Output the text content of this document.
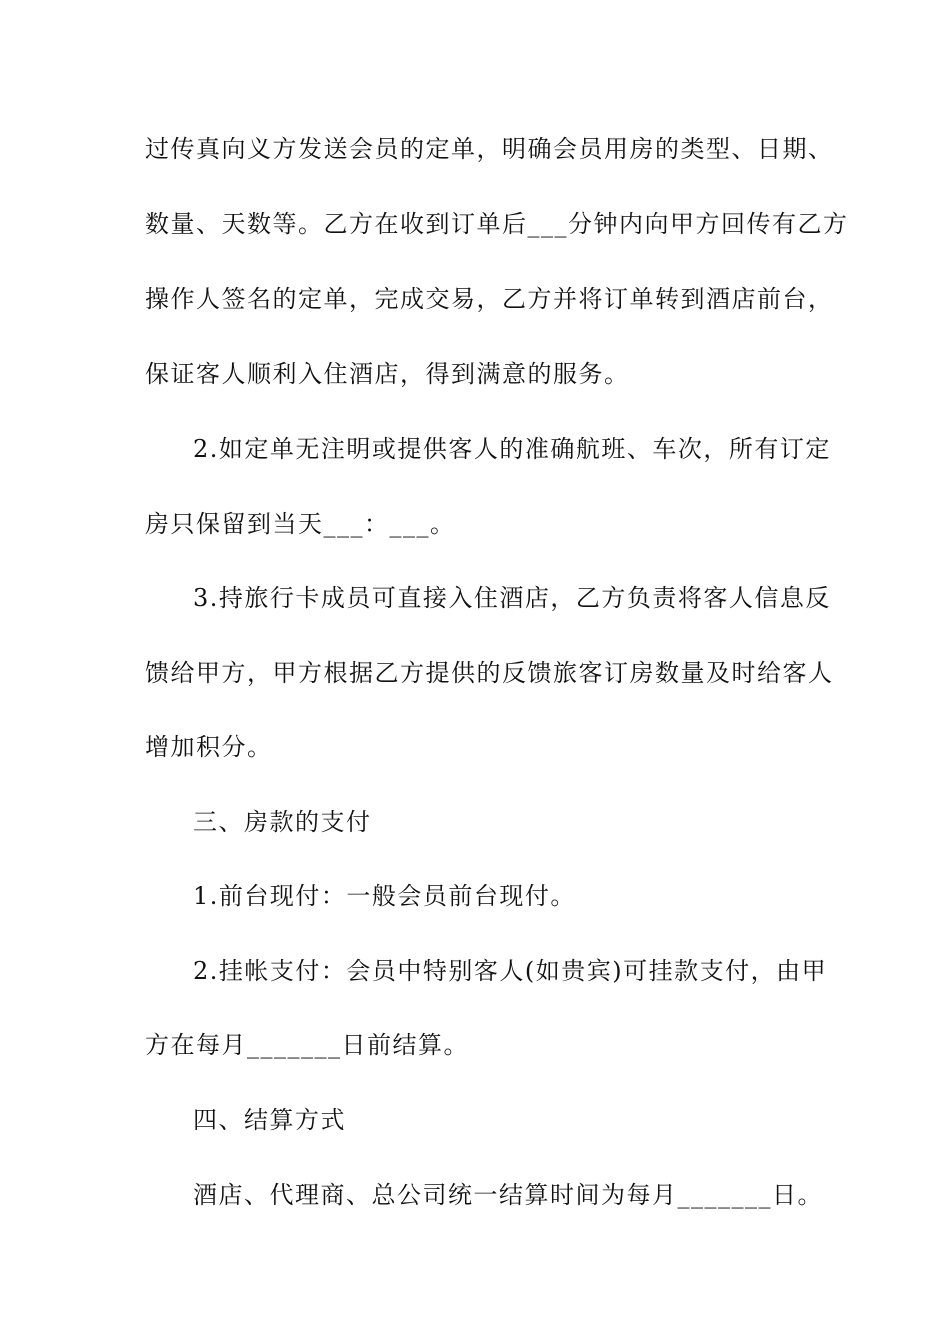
过传真向义方发送会员的定单，明确会员用房的类型、日期、
数量、天数等。乙方在收到订单后___分钟内向甲方回传有乙方
操作人签名的定单，完成交易，乙方并将订单转到酒店前台，
保证客人顺利入住酒店，得到满意的服务。
2.如定单无注明或提供客人的准确航班、车次，所有订定
房只保留到当天___：___。
3.持旅行卡成员可直接入住酒店，乙方负责将客人信息反
馈给甲方，甲方根据乙方提供的反馈旅客订房数量及时给客人
增加积分。
三、房款的支付
1.前台现付：一般会员前台现付。
2.挂帐支付：会员中特别客人(如贵宾)可挂款支付，由甲
方在每月_______日前结算。
四、结算方式
酒店、代理商、总公司统一结算时间为每月_______日。
